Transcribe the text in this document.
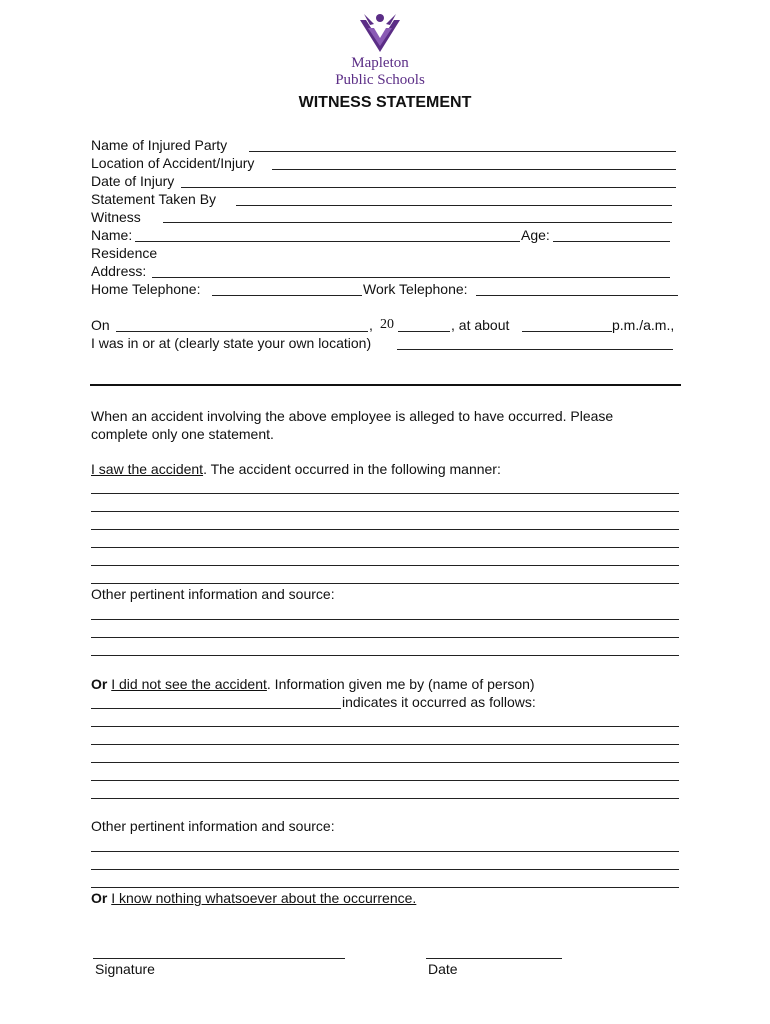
Mapleton
Public Schools
WITNESS STATEMENT
Name of Injured Party
Location of Accident/Injury
Date of Injury
Statement Taken By
Witness
Name:	Age:
Residence
Address:
Home Telephone:	Work Telephone:
On	, 20	, at about	p.m./a.m.,
I was in or at (clearly state your own location)
When an accident involving the above employee is alleged to have occurred. Please
complete only one statement.
I saw the accident. The accident occurred in the following manner:
Other pertinent information and source:
Or I did not see the accident. Information given me by (name of person)
indicates it occurred as follows:
Other pertinent information and source:
Or I know nothing whatsoever about the occurrence.
Signature	Date
